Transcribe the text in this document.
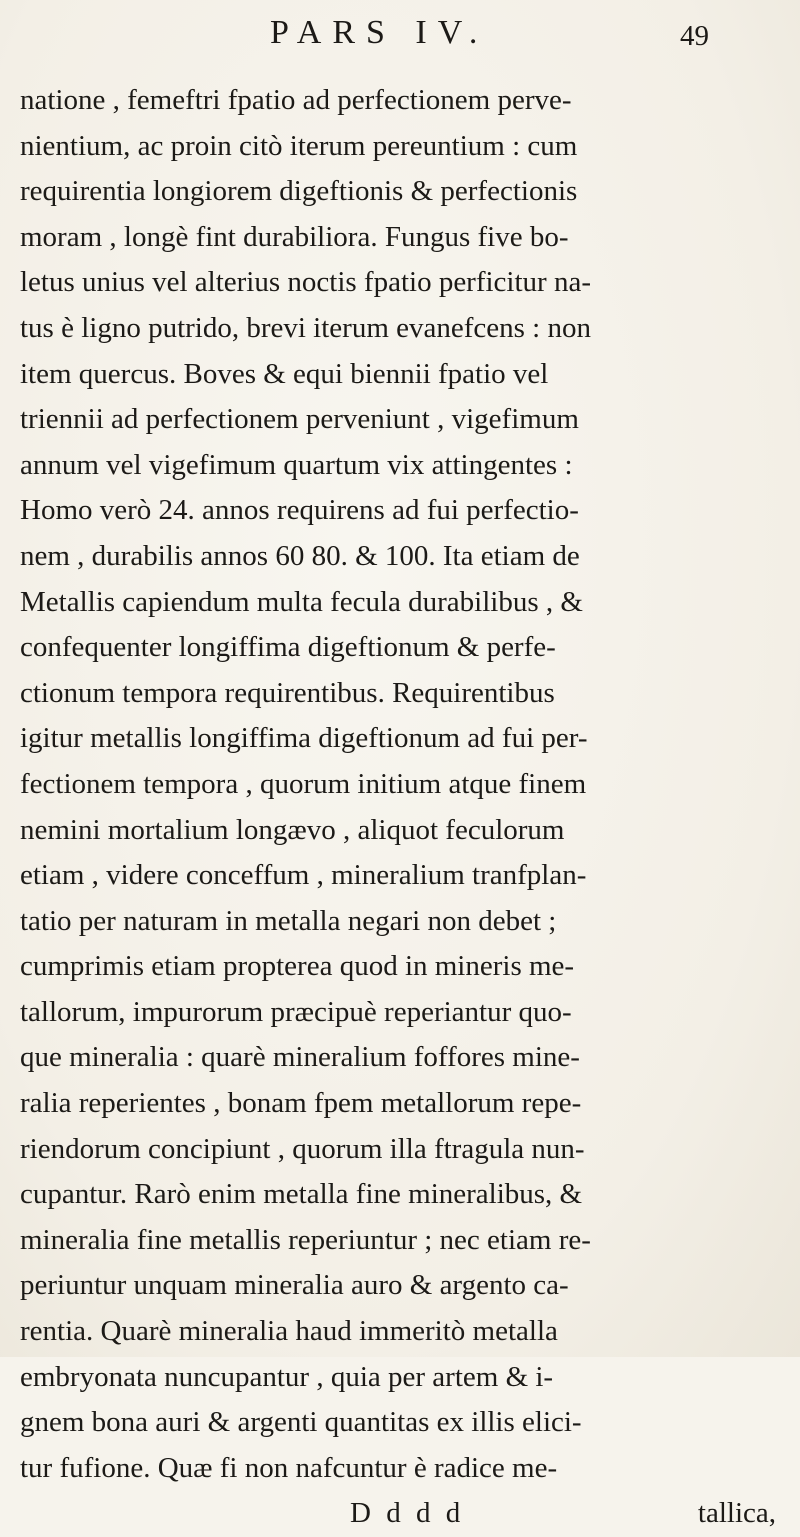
PARS IV.	49
natione , femeftri fpatio ad perfectionem perve-
nientium, ac proin citò iterum pereuntium : cum
requirentia longiorem digeftionis & perfectionis
moram , longè fint durabiliora. Fungus five bo-
letus unius vel alterius noctis fpatio perficitur na-
tus è ligno putrido, brevi iterum evanefcens : non
item quercus. Boves & equi biennii fpatio vel
triennii ad perfectionem perveniunt , vigefimum
annum vel vigefimum quartum vix attingentes :
Homo verò 24. annos requirens ad fui perfectio-
nem , durabilis annos 60 80. & 100. Ita etiam de
Metallis capiendum multa fecula durabilibus , &
confequenter longiffima digeftionum & perfe-
ctionum tempora requirentibus. Requirentibus
igitur metallis longiffima digeftionum ad fui per-
fectionem tempora , quorum initium atque finem
nemini mortalium longævo , aliquot feculorum
etiam , videre conceffum , mineralium tranfplan-
tatio per naturam in metalla negari non debet ;
cumprimis etiam propterea quod in mineris me-
tallorum, impurorum præcipuè reperiantur quo-
que mineralia : quarè mineralium foffores mine-
ralia reperientes , bonam fpem metallorum repe-
riendorum concipiunt , quorum illa ftragula nun-
cupantur. Rarò enim metalla fine mineralibus, &
mineralia fine metallis reperiuntur ; nec etiam re-
periuntur unquam mineralia auro & argento ca-
rentia. Quarè mineralia haud immeritò metalla
embryonata nuncupantur , quia per artem & i-
gnem bona auri & argenti quantitas ex illis elici-
tur fufione. Quæ fi non nafcuntur è radice me-
D d d d	tallica,
